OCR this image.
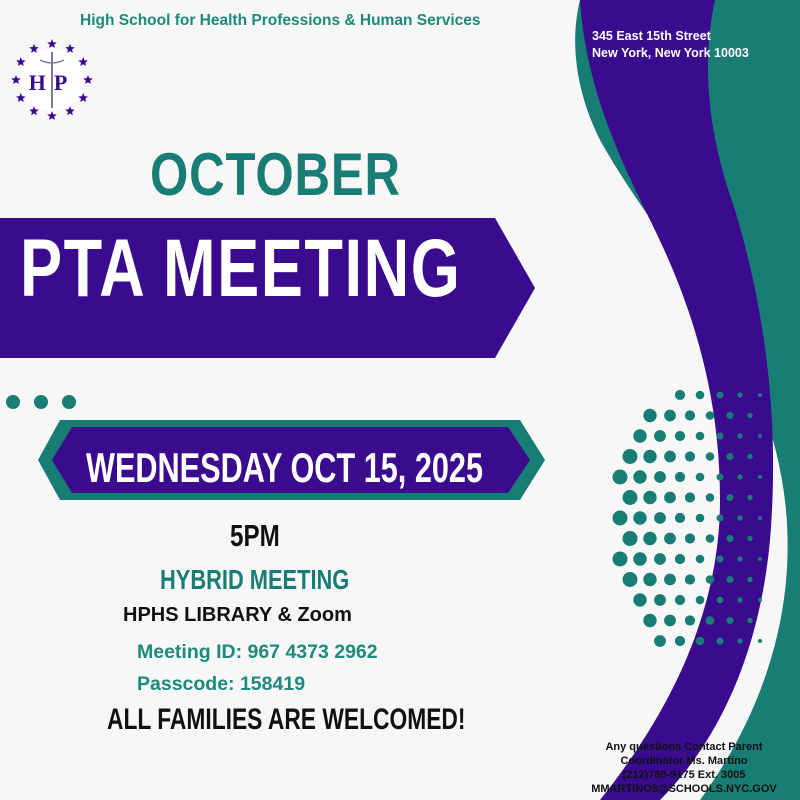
HP
High School for Health Professions & Human Services
345 East 15th Street
New York, New York 10003
OCTOBER
PTA MEETING
WEDNESDAY OCT 15, 2025
5PM
HYBRID MEETING
HPHS LIBRARY & Zoom
Meeting ID: 967 4373 2962
Passcode: 158419
ALL FAMILIES ARE WELCOMED!
Any questions Contact Parent
Coordinator Ms. Martino
(212)780-9175 Ext. 3005
MMARTINO8@SCHOOLS.NYC.GOV
